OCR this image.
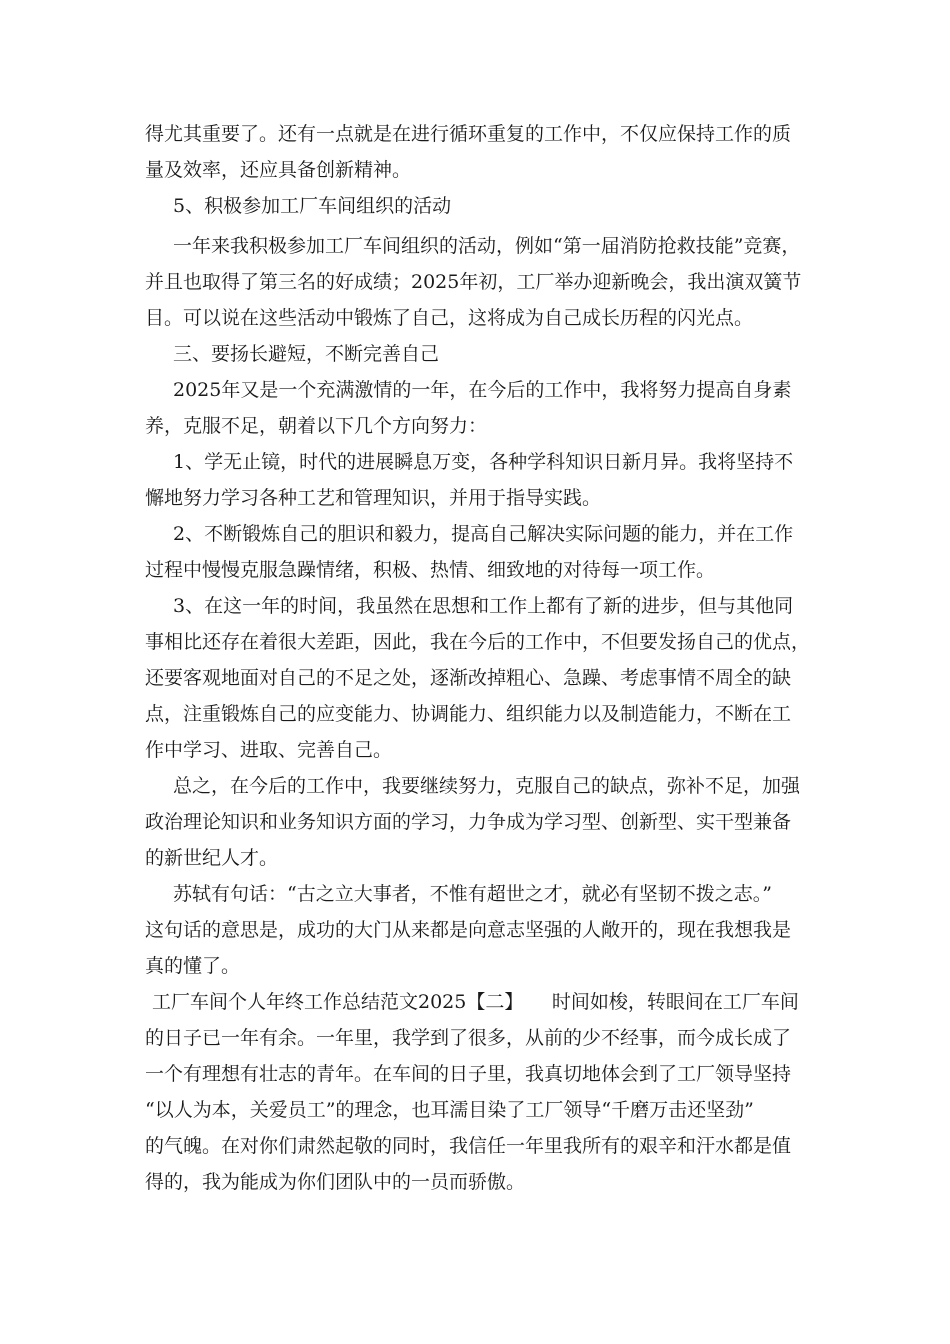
得尤其重要了。还有一点就是在进行循环重复的工作中，不仅应保持工作的质
量及效率，还应具备创新精神。
5、积极参加工厂车间组织的活动
一年来我积极参加工厂车间组织的活动，例如“第一届消防抢救技能”竞赛，
并且也取得了第三名的好成绩；2025年初，工厂举办迎新晚会，我出演双簧节
目。可以说在这些活动中锻炼了自己，这将成为自己成长历程的闪光点。
三、要扬长避短，不断完善自己
2025年又是一个充满激情的一年，在今后的工作中，我将努力提高自身素
养，克服不足，朝着以下几个方向努力：
1、学无止镜，时代的进展瞬息万变，各种学科知识日新月异。我将坚持不
懈地努力学习各种工艺和管理知识，并用于指导实践。
2、不断锻炼自己的胆识和毅力，提高自己解决实际问题的能力，并在工作
过程中慢慢克服急躁情绪，积极、热情、细致地的对待每一项工作。
3、在这一年的时间，我虽然在思想和工作上都有了新的进步，但与其他同
事相比还存在着很大差距，因此，我在今后的工作中，不但要发扬自己的优点，
还要客观地面对自己的不足之处，逐渐改掉粗心、急躁、考虑事情不周全的缺
点，注重锻炼自己的应变能力、协调能力、组织能力以及制造能力，不断在工
作中学习、进取、完善自己。
总之，在今后的工作中，我要继续努力，克服自己的缺点，弥补不足，加强
政治理论知识和业务知识方面的学习，力争成为学习型、创新型、实干型兼备
的新世纪人才。
苏轼有句话：“古之立大事者，不惟有超世之才，就必有坚韧不拨之志。”
这句话的意思是，成功的大门从来都是向意志坚强的人敞开的，现在我想我是
真的懂了。
工厂车间个人年终工作总结范文2025【二】　　时间如梭，转眼间在工厂车间
的日子已一年有余。一年里，我学到了很多，从前的少不经事，而今成长成了
一个有理想有壮志的青年。在车间的日子里，我真切地体会到了工厂领导坚持
“以人为本，关爱员工”的理念，也耳濡目染了工厂领导“千磨万击还坚劲”
的气魄。在对你们肃然起敬的同时，我信任一年里我所有的艰辛和汗水都是值
得的，我为能成为你们团队中的一员而骄傲。
